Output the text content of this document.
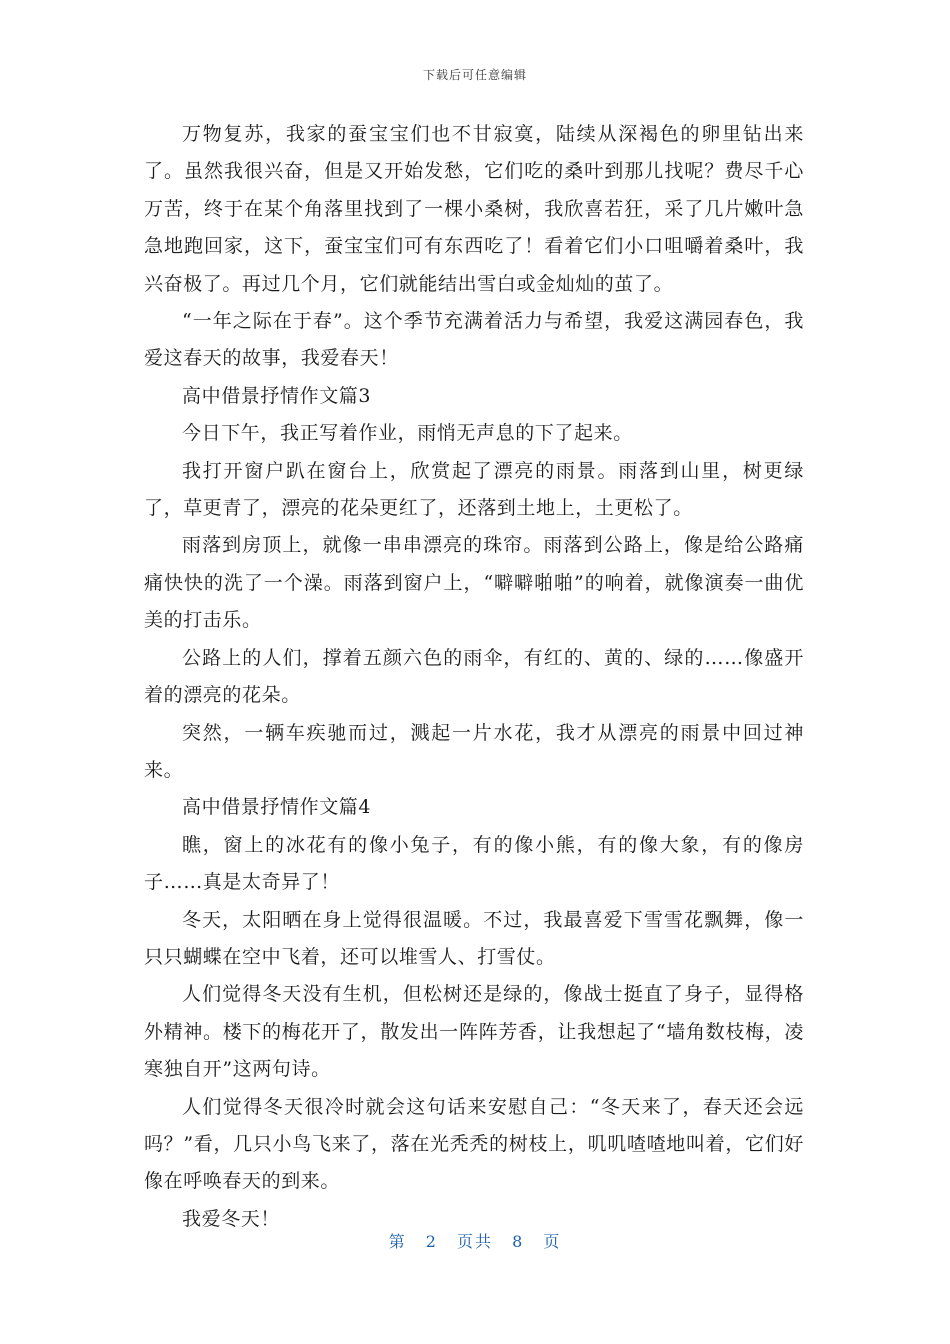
下载后可任意编辑

万物复苏，我家的蚕宝宝们也不甘寂寞，陆续从深褐色的卵里钻出来了。虽然我很兴奋，但是又开始发愁，它们吃的桑叶到那儿找呢？费尽千心万苦，终于在某个角落里找到了一棵小桑树，我欣喜若狂，采了几片嫩叶急急地跑回家，这下，蚕宝宝们可有东西吃了！看着它们小口咀嚼着桑叶，我兴奋极了。再过几个月，它们就能结出雪白或金灿灿的茧了。

“一年之际在于春”。这个季节充满着活力与希望，我爱这满园春色，我爱这春天的故事，我爱春天！

高中借景抒情作文篇3

今日下午，我正写着作业，雨悄无声息的下了起来。

我打开窗户趴在窗台上，欣赏起了漂亮的雨景。雨落到山里，树更绿了，草更青了，漂亮的花朵更红了，还落到土地上，土更松了。

雨落到房顶上，就像一串串漂亮的珠帘。雨落到公路上，像是给公路痛痛快快的洗了一个澡。雨落到窗户上，“噼噼啪啪”的响着，就像演奏一曲优美的打击乐。

公路上的人们，撑着五颜六色的雨伞，有红的、黄的、绿的……像盛开着的漂亮的花朵。

突然，一辆车疾驰而过，溅起一片水花，我才从漂亮的雨景中回过神来。

高中借景抒情作文篇4

瞧，窗上的冰花有的像小兔子，有的像小熊，有的像大象，有的像房子……真是太奇异了！

冬天，太阳晒在身上觉得很温暖。不过，我最喜爱下雪雪花飘舞，像一只只蝴蝶在空中飞着，还可以堆雪人、打雪仗。

人们觉得冬天没有生机，但松树还是绿的，像战士挺直了身子，显得格外精神。楼下的梅花开了，散发出一阵阵芳香，让我想起了“墙角数枝梅，凌寒独自开”这两句诗。

人们觉得冬天很冷时就会这句话来安慰自己：“冬天来了，春天还会远吗？”看，几只小鸟飞来了，落在光秃秃的树枝上，叽叽喳喳地叫着，它们好像在呼唤春天的到来。

我爱冬天！

第 2 页共 8 页
